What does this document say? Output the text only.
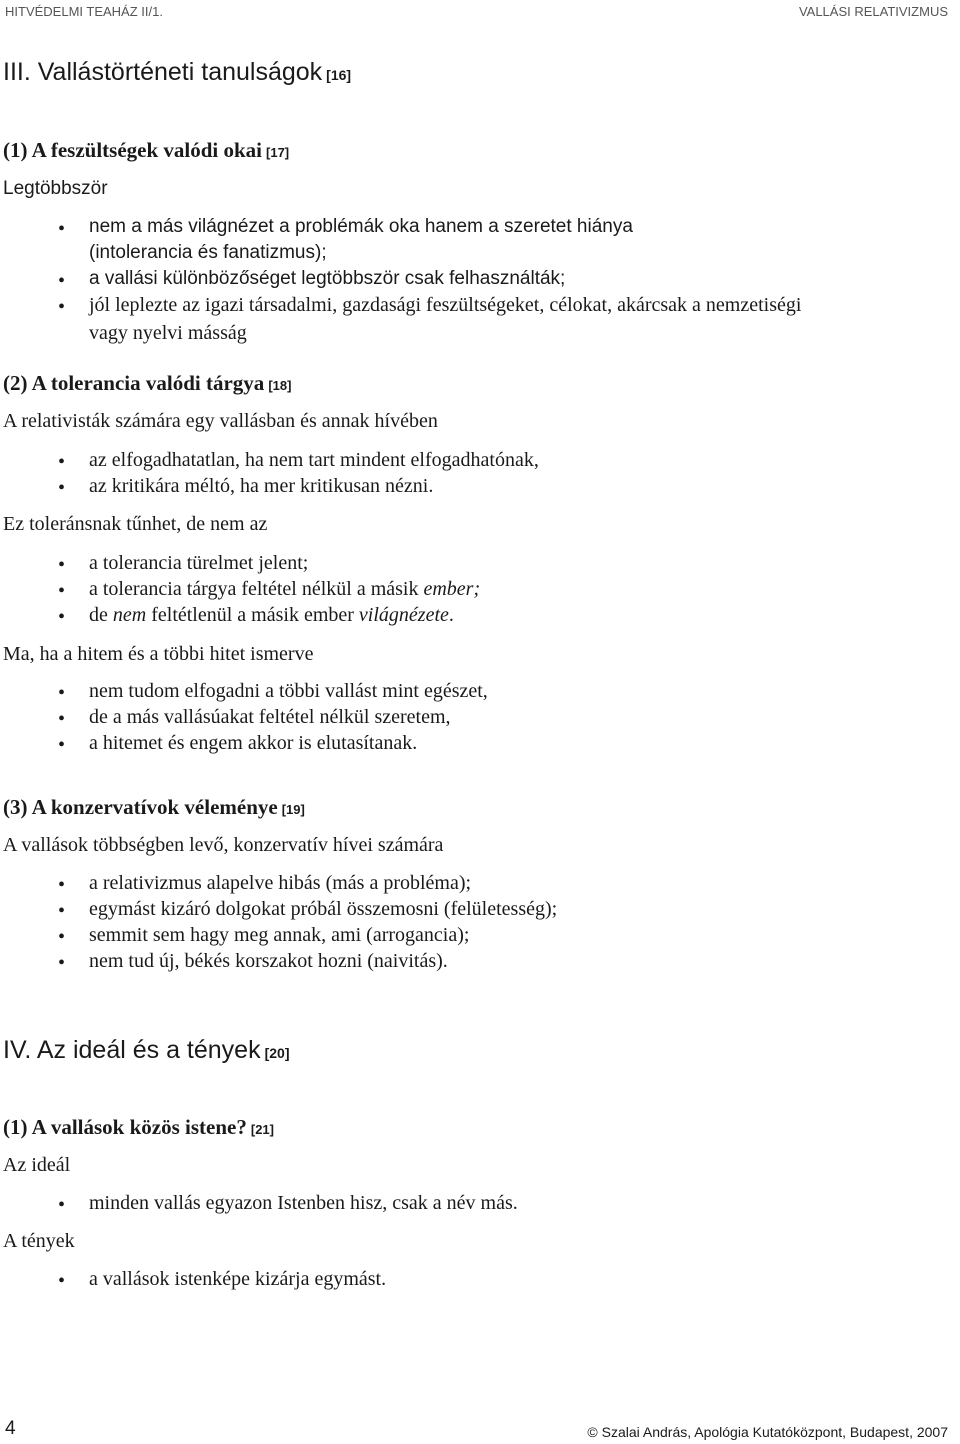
HITVÉDELMI TEAHÁZ II/1.	VALLÁSI RELATIVIZMUS
III. Vallástörténeti tanulságok [16]
(1) A feszültségek valódi okai [17]
Legtöbbször
• nem a más világnézet a problémák oka hanem a szeretet hiánya
(intolerancia és fanatizmus);
• a vallási különbözőséget legtöbbször csak felhasználták;
• jól leplezte az igazi társadalmi, gazdasági feszültségeket, célokat, akárcsak a nemzetiségi
vagy nyelvi másság
(2) A tolerancia valódi tárgya [18]
A relativisták számára egy vallásban és annak hívében
• az elfogadhatatlan, ha nem tart mindent elfogadhatónak,
• az kritikára méltó, ha mer kritikusan nézni.
Ez toleránsnak tűnhet, de nem az
• a tolerancia türelmet jelent;
• a tolerancia tárgya feltétel nélkül a másik ember;
• de nem feltétlenül a másik ember világnézete.
Ma, ha a hitem és a többi hitet ismerve
• nem tudom elfogadni a többi vallást mint egészet,
• de a más vallásúakat feltétel nélkül szeretem,
• a hitemet és engem akkor is elutasítanak.
(3) A konzervatívok véleménye [19]
A vallások többségben levő, konzervatív hívei számára
• a relativizmus alapelve hibás (más a probléma);
• egymást kizáró dolgokat próbál összemosni (felületesség);
• semmit sem hagy meg annak, ami (arrogancia);
• nem tud új, békés korszakot hozni (naivitás).
IV. Az ideál és a tények [20]
(1) A vallások közös istene? [21]
Az ideál
• minden vallás egyazon Istenben hisz, csak a név más.
A tények
• a vallások istenképe kizárja egymást.
4	© Szalai András, Apológia Kutatóközpont, Budapest, 2007
